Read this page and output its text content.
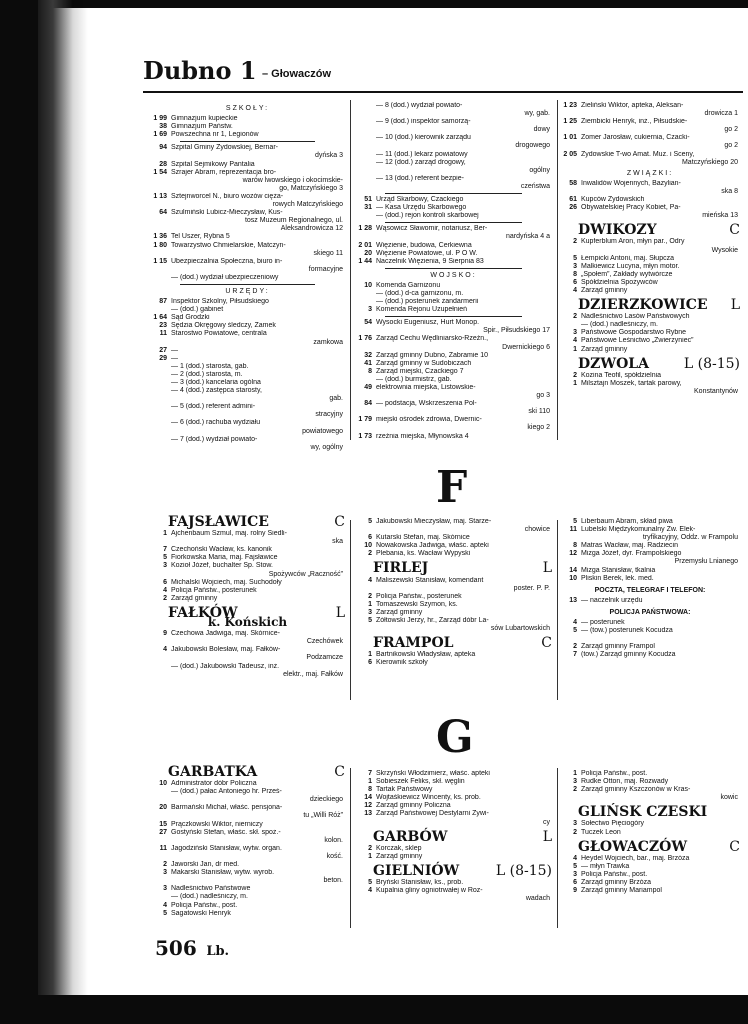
Dubno 1 – Głowaczów
SZKOŁY:
1 99 Gimnazjum kupieckie
38 Gimnazjum Państw.
1 69 Powszechna nr 1, Legionów
94 Szpital Gminy Żydowskiej, Bernar-
dyńska 3
28 Szpital Sejmikowy Pantalia
1 54 Szrajer Abram, reprezentacja bro-
warów lwowskiego i okocimskie-
go, Matczyńskiego 3
1 13 Sztejnworcel N., biuro wozów cięża-
rowych Matczyńskiego
64 Szulmiński Lubicz-Mieczysław, Kus-
tosz Muzeum Regionalnego, ul.
Aleksandrowicza 12
1 36 Tel Uszer, Rybna 5
1 80 Towarzystwo Chmielarskie, Matczyn-
skiego 11
1 15 Ubezpieczalnia Społeczna, biuro in-
formacyjne
— (dod.) wydział ubezpieczeniowy
URZĘDY:
87 Inspektor Szkolny, Piłsudskiego
— (dod.) gabinet
1 64 Sąd Grodzki
23 Sędzia Okręgowy śledczy, Zamek
11 Starostwo Powiatowe, centrala
zamkowa
27 —
29 —
— 1 (dod.) starosta, gab.
— 2 (dod.) starosta, m.
— 3 (dod.) kancelaria ogólna
— 4 (dod.) zastępca starosty,
gab.
— 5 (dod.) referent admini-
stracyjny
— 6 (dod.) rachuba wydziału
powiatowego
— 7 (dod.) wydział powiato-
wy, ogólny
— 8 (dod.) wydział powiato-
wy, gab.
— 9 (dod.) inspektor samorzą-
dowy
— 10 (dod.) kierownik zarządu
drogowego
— 11 (dod.) lekarz powiatowy
— 12 (dod.) zarząd drogowy,
ogólny
— 13 (dod.) referent bezpie-
czeństwa
51 Urząd Skarbowy, Czackiego
31 — Kasa Urzędu Skarbowego
— (dod.) rejon kontroli skarbowej
1 28 Wąsowicz Sławomir, notariusz, Ber-
nardyńska 4 a
2 01 Więzienie, budowa, Cerkiewna
20 Więzienie Powiatowe, ul. P O W.
1 44 Naczelnik Więzienia, 9 Sierpnia 83
WOJSKO:
10 Komenda Garnizonu
— (dod.) d-ca garnizonu, m.
— (dod.) posterunek żandarmerii
3 Komenda Rejonu Uzupełnień
54 Wysocki Eugeniusz, Hurt Monop.
Spir., Piłsudskiego 17
1 76 Zarząd Cechu Wędliniarsko-Rzeźn.,
Dwernickiego 6
32 Zarząd gminny Dubno, Zabramie 10
41 Zarząd gminny w Sudobiczach
8 Zarząd miejski, Czackiego 7
— (dod.) burmistrz, gab.
49 elektrownia miejska, Listowskie-
go 3
84 — podstacja, Wskrzeszenia Pol-
ski 110
1 79 miejski ośrodek zdrowia, Dwernic-
kiego 2
1 73 rzeźnia miejska, Młynowska 4
1 23 Zieliński Wiktor, apteka, Aleksan-
drowicza 1
1 25 Ziembicki Henryk, inż., Piłsudskie-
go 2
1 01 Zomer Jarosław, cukiernia, Czacki-
go 2
2 05 Żydowskie T-wo Amat. Muz. i Sceny,
Matczyńskiego 20
ZWIĄZKI:
58 Inwalidów Wojennych, Bazylian-
ska 8
61 Kupców Żydowskich
26 Obywatelskiej Pracy Kobiet, Pa-
mieńska 13
DWIKOZY	C
2 Kupferblum Aron, młyn par., Odry
Wysokie
5 Łempicki Antoni, maj. Słupcza
3 Malkiewicz Lucyna, młyn motor.
8 „Społem”, Zakłady wytwórcze
6 Spółdzielnia Spożywców
4 Zarząd gminny
DZIERZKOWICE L
2 Nadleśnictwo Lasów Państwowych
— (dod.) nadleśniczy, m.
3 Państwowe Gospodarstwo Rybne
4 Państwowe Leśnictwo „Zwierzyniec”
1 Zarząd gminny
DZWOLA L (8-15)
2 Kozina Teofil, spółdzielnia
1 Milsztajn Moszek, tartak parowy,
Konstantynów
F
FAJSŁAWICE	C
1 Ajchenbaum Szmul, maj. rolny Siedli-
ska
7 Czechoński Wacław, ks. kanonik
5 Fiorkowska Maria, maj. Fajsławice
3 Kozioł Józef, buchalter Sp. Stow.
Spożywców „Raczność”
6 Michalski Wojciech, maj. Suchodoły
4 Policja Państw., posterunek
2 Zarząd gminny
FAŁKÓW	L
k. Końskich
9 Czechowa Jadwiga, maj. Skórnice-
Czechówek
4 Jakubowski Bolesław, maj. Fałków-
Podzamcze
— (dod.) Jakubowski Tadeusz, inż.
elektr., maj. Fałków
5 Jakubowski Mieczysław, maj. Starze-
chowice
6 Kutarski Stefan, maj. Skórnice
10 Nowakowska Jadwiga, właśc. apteki
2 Plebania, ks. Wacław Wypyski
FIRLEJ	L
4 Maliszewski Stanisław, komendant
poster. P. P.
2 Policja Państw., posterunek
1 Tomaszewski Szymon, ks.
3 Zarząd gminny
5 Żółtowski Jerzy, hr., Zarząd dóbr La-
sów Lubartowskich
FRAMPOL	C
1 Bartnikowski Władysław, apteka
6 Kierownik szkoły
5 Liberbaum Abram, skład piwa
11 Lubelski Międzykomunalny Zw. Elek-
tryfikacyjny, Oddz. w Frampolu
8 Matras Wacław, maj. Radziecin
12 Mizga Józef, dyr. Frampolskiego
Przemysłu Lnianego
14 Mizga Stanisław, tkalnia
10 Pliskin Berek, lek. med.
POCZTA, TELEGRAF I TELEFON:
13 — naczelnik urzędu
POLICJA PAŃSTWOWA:
4 — posterunek
5 — (tow.) posterunek Kocudza
2 Zarząd gminny Frampol
7 (tow.) Zarząd gminny Kocudza
G
GARBATKA	C
10 Administrator dóbr Policzna
— (dod.) pałac Antoniego hr. Prześ-
dzieckiego
20 Barmański Michał, właśc. pensjona-
tu „Willi Róż”
15 Prączkowski Wiktor, nierniczy
27 Gostyński Stefan, właśc. skł. spoż.-
kolon.
11 Jagodziński Stanisław, wytw. organ.
kość.
2 Jaworski Jan, dr med.
3 Makarski Stanisław, wytw. wyrob.
beton.
3 Nadleśnictwo Państwowe
— (dod.) nadleśniczy, m.
4 Policja Państw., post.
5 Sagatowski Henryk
7 Skrzyński Włodzimierz, właśc. apteki
1 Sobieszek Feliks, skł. węglin
8 Tartak Państwowy
14 Wojtaśkiewicz Wincenty, ks. prob.
12 Zarząd gminny Policzna
13 Zarząd Państwowej Destylarni Żywi-
cy
GARBÓW	L
2 Korczak, sklep
1 Zarząd gminny
GIELNIÓW	L (8-15)
5 Bryński Stanisław, ks., prob.
4 Kupalnia gliny ogniotrwałej w Roz-
wadach
1 Policja Państw., post.
3 Rudke Otton, maj. Rozwady
2 Zarząd gminny Kszczonów w Kras-
kowic
GLIŃSK CZESKI
3 Sołectwo Pięciogóry
2 Tuczek Leon
GŁOWACZÓW	C
4 Heydel Wojciech, bar., maj. Brzóza
5 — młyn Trawka
3 Policja Państw., post.
6 Zarząd gminny Brzóza
9 Zarząd gminny Mariampol
506 Lb.
